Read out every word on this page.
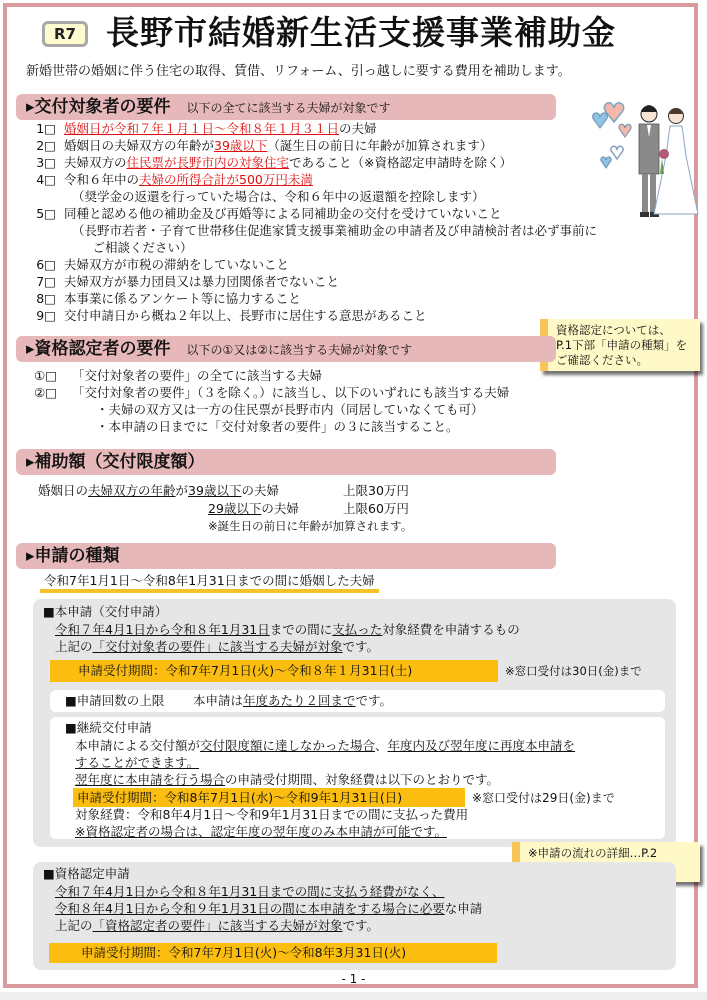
R7 長野市結婚新生活支援事業補助金
新婚世帯の婚姻に伴う住宅の取得、賃借、リフォーム、引っ越しに要する費用を補助します。
▸交付対象者の要件 以下の全てに該当する夫婦が対象です
1□ 婚姻日が令和７年１月１日～令和８年１月３１日の夫婦
2□ 婚姻日の夫婦双方の年齢が39歳以下（誕生日の前日に年齢が加算されます）
3□ 夫婦双方の住民票が長野市内の対象住宅であること（※資格認定申請時を除く）
4□ 令和６年中の夫婦の所得合計が500万円未満
（奨学金の返還を行っていた場合は、令和６年中の返還額を控除します）
5□ 同種と認める他の補助金及び再婚等による同補助金の交付を受けていないこと
（長野市若者・子育て世帯移住促進家賃支援事業補助金の申請者及び申請検討者は必ず事前に
　ご相談ください）
6□ 夫婦双方が市税の滞納をしていないこと
7□ 夫婦双方が暴力団員又は暴力団関係者でないこと
8□ 本事業に係るアンケート等に協力すること
9□ 交付申請日から概ね２年以上、長野市に居住する意思があること
資格認定については、
P.1下部「申請の種類」を
ご確認ください。
▸資格認定者の要件 以下の①又は②に該当する夫婦が対象です
①□ 「交付対象者の要件」の全てに該当する夫婦
②□ 「交付対象者の要件」（３を除く。）に該当し、以下のいずれにも該当する夫婦
・夫婦の双方又は一方の住民票が長野市内（同居していなくても可）
・本申請の日までに「交付対象者の要件」の３に該当すること。
▸補助額（交付限度額）
婚姻日の夫婦双方の年齢が39歳以下の夫婦	上限30万円
29歳以下の夫婦	上限60万円
※誕生日の前日に年齢が加算されます。
▸申請の種類
令和7年1月1日～令和8年1月31日までの間に婚姻した夫婦
■本申請（交付申請）
令和７年4月1日から令和８年1月31日までの間に支払った対象経費を申請するもの
上記の「交付対象者の要件」に該当する夫婦が対象です。
申請受付期間：令和7年7月1日(火)～令和８年１月31日(土)	※窓口受付は30日(金)まで
■申請回数の上限 本申請は年度あたり２回までです。
■継続交付申請
本申請による交付額が交付限度額に達しなかった場合、年度内及び翌年度に再度本申請を
することができます。
翌年度に本申請を行う場合の申請受付期間、対象経費は以下のとおりです。
申請受付期間：令和8年7月1日(水)～令和9年1月31日(日)	※窓口受付は29日(金)まで
対象経費：令和8年4月1日～令和9年1月31日までの間に支払った費用
※資格認定者の場合は、認定年度の翌年度のみ本申請が可能です。
※申請の流れの詳細…P.2
■資格認定申請
令和７年4月1日から令和８年1月31日までの間に支払う経費がなく、
令和８年4月1日から令和９年1月31日の間に本申請をする場合に必要な申請
上記の「資格認定者の要件」に該当する夫婦が対象です。
申請受付期間：令和7年7月1日(火)～令和8年3月31日(火)
- 1 -
